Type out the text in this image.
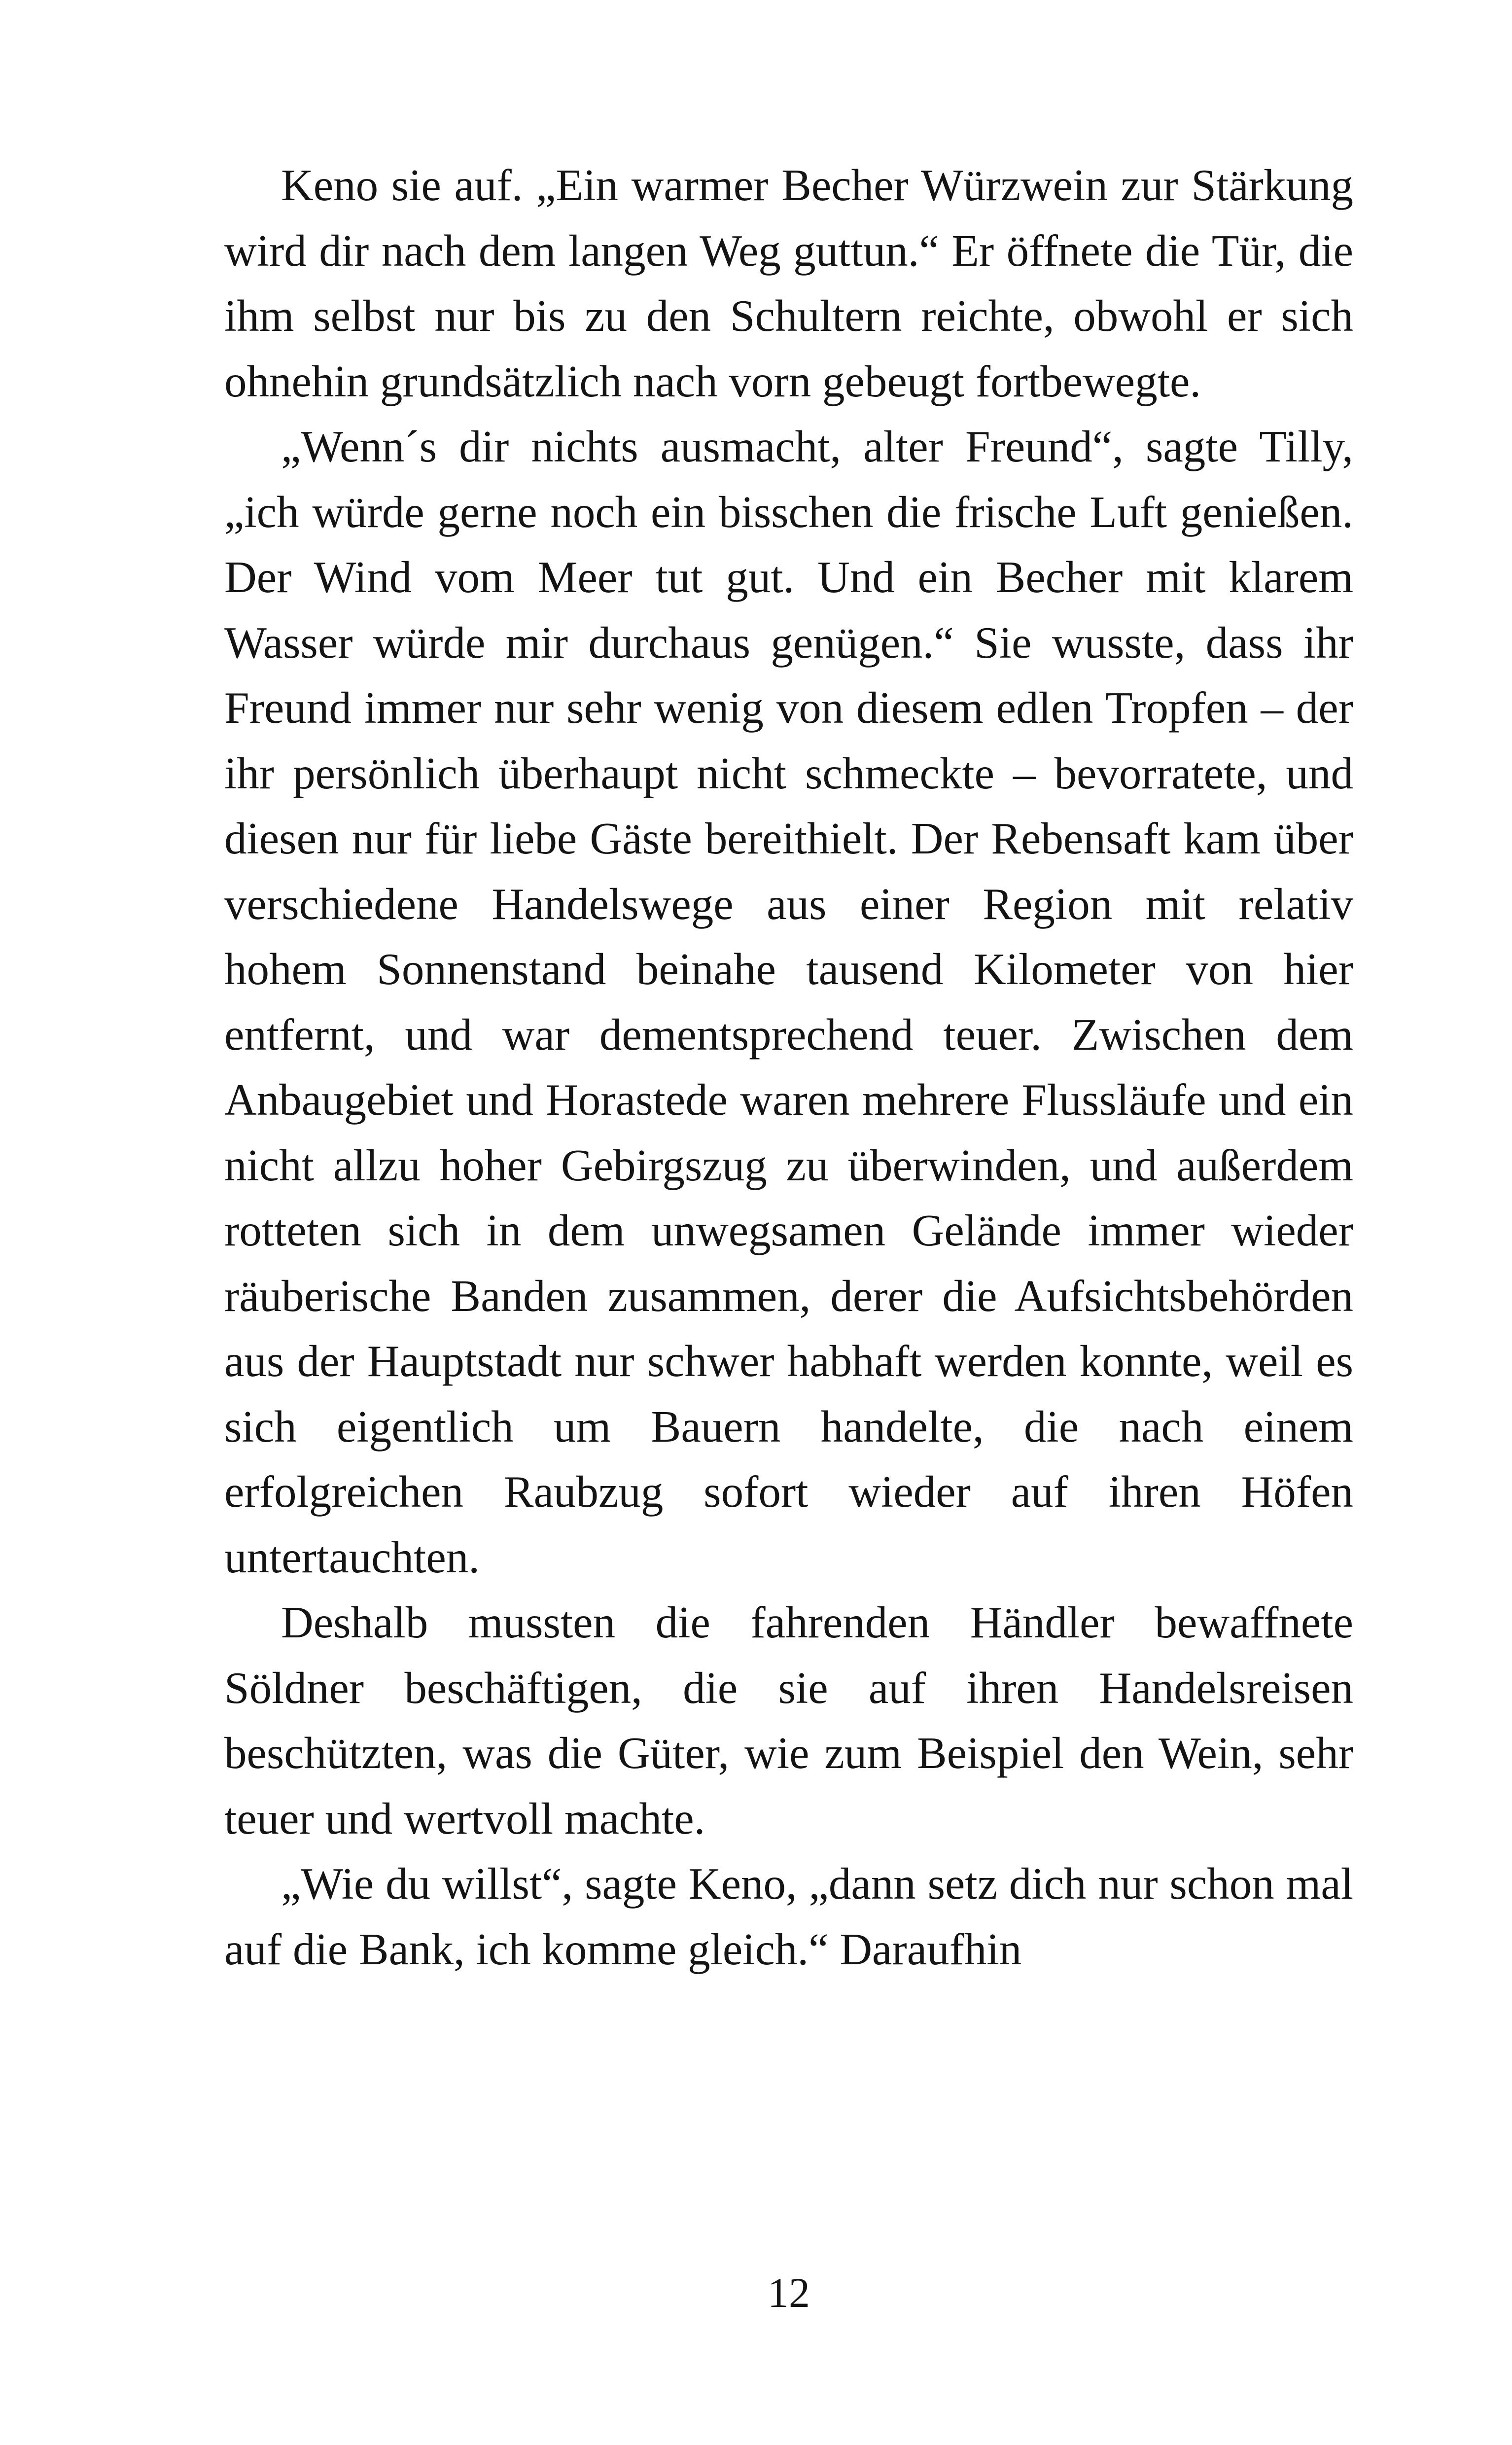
Keno sie auf. „Ein warmer Becher Würzwein zur Stärkung wird dir nach dem langen Weg guttun.“ Er öffnete die Tür, die ihm selbst nur bis zu den Schultern reichte, obwohl er sich ohnehin grundsätzlich nach vorn gebeugt fortbewegte.

„Wenn´s dir nichts ausmacht, alter Freund“, sagte Tilly, „ich würde gerne noch ein bisschen die frische Luft genießen. Der Wind vom Meer tut gut. Und ein Becher mit klarem Wasser würde mir durchaus genügen.“ Sie wusste, dass ihr Freund immer nur sehr wenig von diesem edlen Tropfen – der ihr persönlich überhaupt nicht schmeckte – bevorratete, und diesen nur für liebe Gäste bereithielt. Der Rebensaft kam über verschiedene Handelswege aus einer Region mit relativ hohem Sonnenstand beinahe tausend Kilometer von hier entfernt, und war dementsprechend teuer. Zwischen dem Anbaugebiet und Horastede waren mehrere Flussläufe und ein nicht allzu hoher Gebirgszug zu überwinden, und außerdem rotteten sich in dem unwegsamen Gelände immer wieder räuberische Banden zusammen, derer die Aufsichtsbehörden aus der Hauptstadt nur schwer habhaft werden konnte, weil es sich eigentlich um Bauern handelte, die nach einem erfolgreichen Raubzug sofort wieder auf ihren Höfen untertauchten.

Deshalb mussten die fahrenden Händler bewaffnete Söldner beschäftigen, die sie auf ihren Handelsreisen beschützten, was die Güter, wie zum Beispiel den Wein, sehr teuer und wertvoll machte.

„Wie du willst“, sagte Keno, „dann setz dich nur schon mal auf die Bank, ich komme gleich.“ Daraufhin

12
